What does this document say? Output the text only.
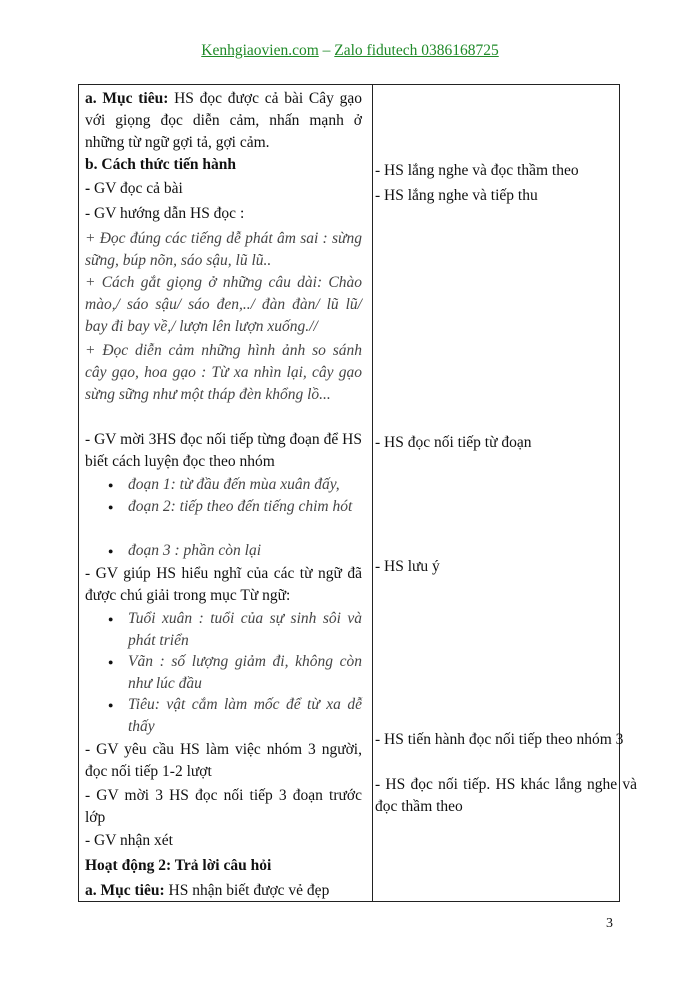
Kenhgiaovien.com – Zalo fidutech 0386168725
a. Mục tiêu: HS đọc được cả bài Cây gạo với giọng đọc diễn cảm, nhấn mạnh ở những từ ngữ gợi tả, gợi cảm.
b. Cách thức tiến hành
- GV đọc cả bài
- GV hướng dẫn HS đọc :
+ Đọc đúng các tiếng dễ phát âm sai : sừng sững, búp nõn, sáo sậu, lũ lũ..
+ Cách gắt giọng ở những câu dài: Chào mào,/ sáo sậu/ sáo đen,../ đàn đàn/ lũ lũ/ bay đi bay về,/ lượn lên lượn xuống.//
+ Đọc diễn cảm những hình ảnh so sánh cây gạo, hoa gạo : Từ xa nhìn lại, cây gạo sừng sững như một tháp đèn khổng lồ...
- GV mời 3HS đọc nối tiếp từng đoạn để HS biết cách luyện đọc theo nhóm
● đoạn 1: từ đầu đến mùa xuân đấy,
● đoạn 2: tiếp theo đến tiếng chim hót
● đoạn 3 : phần còn lại
- GV giúp HS hiểu nghĩ của các từ ngữ đã được chú giải trong mục Từ ngữ:
● Tuổi xuân : tuổi của sự sinh sôi và phát triển
● Vãn : số lượng giảm đi, không còn như lúc đầu
● Tiêu: vật cắm làm mốc để từ xa dễ thấy
- GV yêu cầu HS làm việc nhóm 3 người, đọc nối tiếp 1-2 lượt
- GV mời 3 HS đọc nối tiếp 3 đoạn trước lớp
- GV nhận xét
Hoạt động 2: Trả lời câu hỏi
a. Mục tiêu: HS nhận biết được vẻ đẹp
- HS lắng nghe và đọc thầm theo
- HS lắng nghe và tiếp thu
- HS đọc nối tiếp từ đoạn
- HS lưu ý
- HS tiến hành đọc nối tiếp theo nhóm 3
- HS đọc nối tiếp. HS khác lắng nghe và đọc thầm theo
3
